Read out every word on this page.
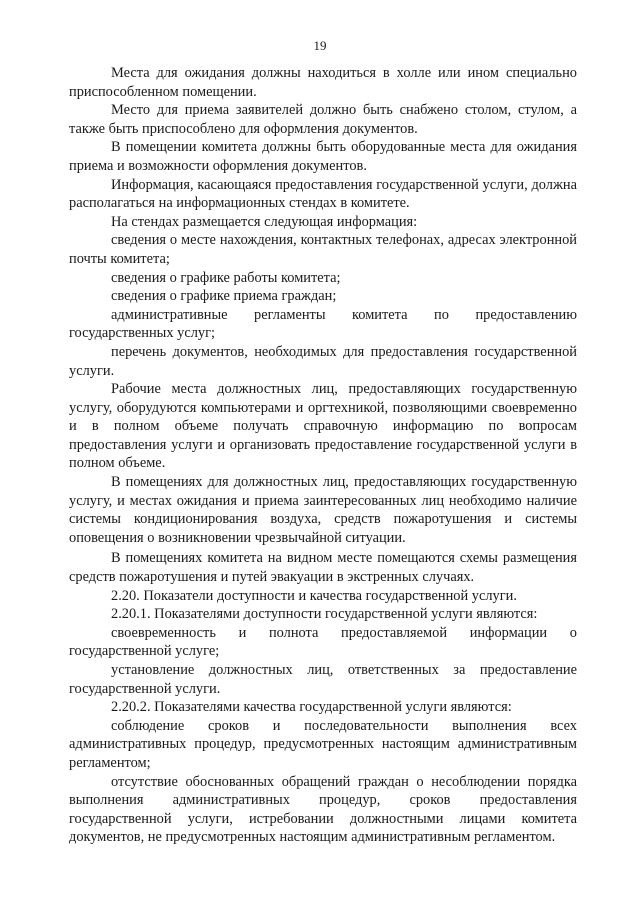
19

Места для ожидания должны находиться в холле или ином специально приспособленном помещении.

Место для приема заявителей должно быть снабжено столом, стулом, а также быть приспособлено для оформления документов.

В помещении комитета должны быть оборудованные места для ожидания приема и возможности оформления документов.

Информация, касающаяся предоставления государственной услуги, должна располагаться на информационных стендах в комитете.

На стендах размещается следующая информация:

сведения о месте нахождения, контактных телефонах, адресах электронной почты комитета;

сведения о графике работы комитета;

сведения о графике приема граждан;

административные регламенты комитета по предоставлению государственных услуг;

перечень документов, необходимых для предоставления государственной услуги.

Рабочие места должностных лиц, предоставляющих государственную услугу, оборудуются компьютерами и оргтехникой, позволяющими своевременно и в полном объеме получать справочную информацию по вопросам предоставления услуги и организовать предоставление государственной услуги в полном объеме.

В помещениях для должностных лиц, предоставляющих государственную услугу, и местах ожидания и приема заинтересованных лиц необходимо наличие системы кондиционирования воздуха, средств пожаротушения и системы оповещения о возникновении чрезвычайной ситуации.

В помещениях комитета на видном месте помещаются схемы размещения средств пожаротушения и путей эвакуации в экстренных случаях.

2.20. Показатели доступности и качества государственной услуги.

2.20.1. Показателями доступности государственной услуги являются:

своевременность и полнота предоставляемой информации о государственной услуге;

установление должностных лиц, ответственных за предоставление государственной услуги.

2.20.2. Показателями качества государственной услуги являются:

соблюдение сроков и последовательности выполнения всех административных процедур, предусмотренных настоящим административным регламентом;

отсутствие обоснованных обращений граждан о несоблюдении порядка выполнения административных процедур, сроков предоставления государственной услуги, истребовании должностными лицами комитета документов, не предусмотренных настоящим административным регламентом.
